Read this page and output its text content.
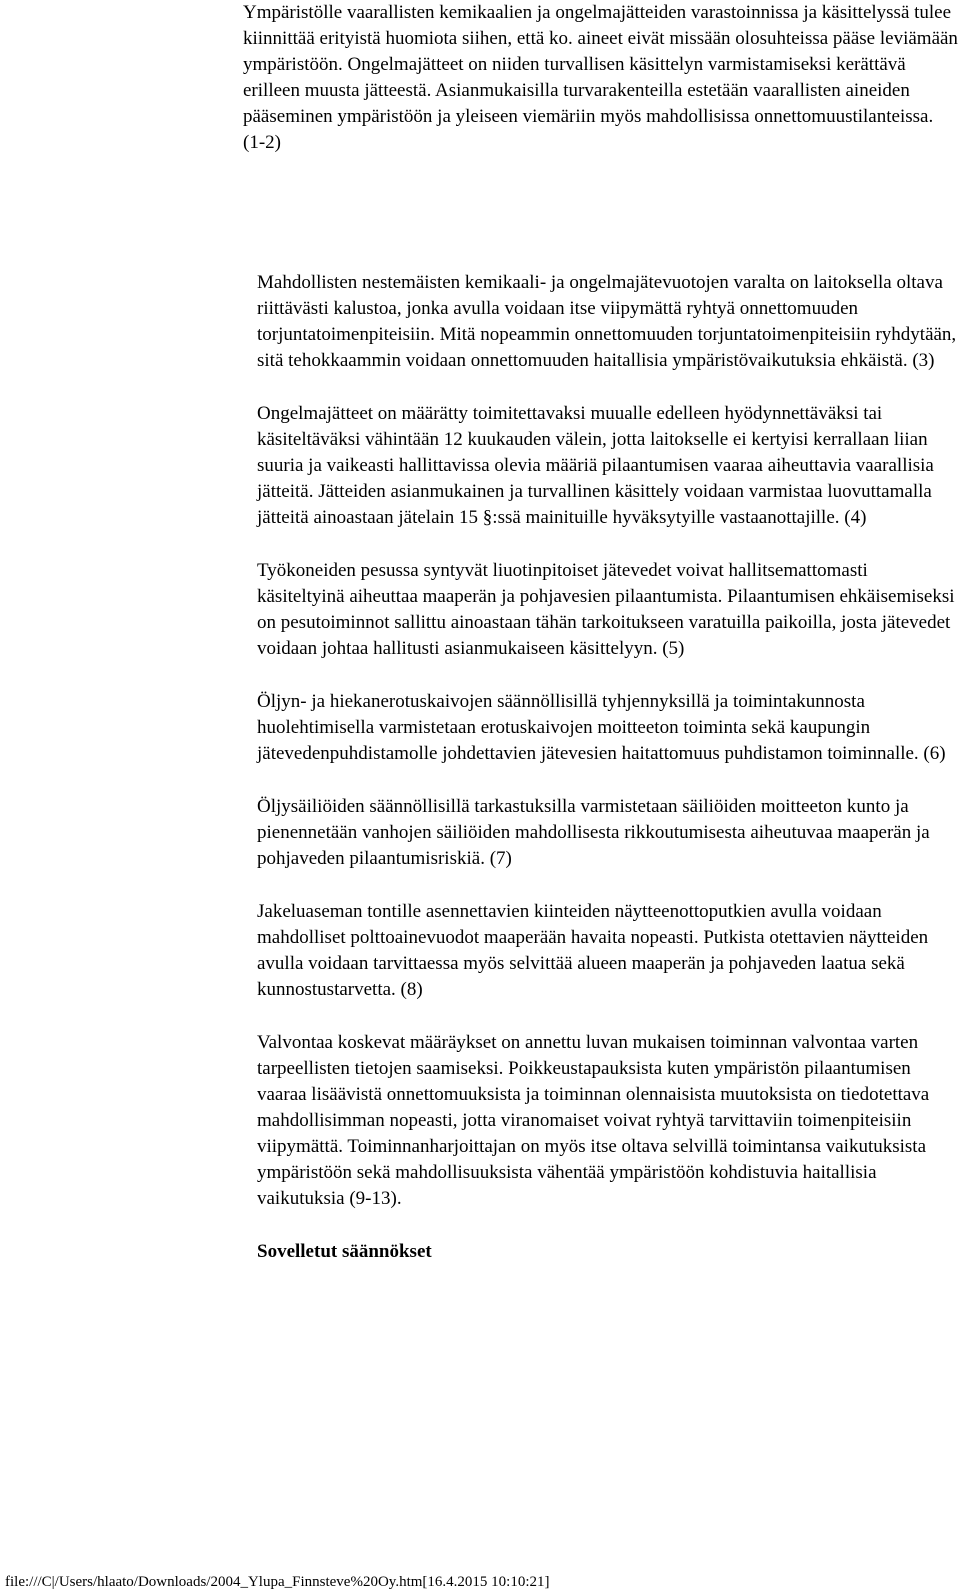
Ympäristölle vaarallisten kemikaalien ja ongelmajätteiden varastoinnissa ja käsittelyssä tulee kiinnittää erityistä huomiota siihen, että ko. aineet eivät missään olosuhteissa pääse leviämään ympäristöön. Ongelmajätteet on niiden turvallisen käsittelyn varmistamiseksi kerättävä erilleen muusta jätteestä. Asianmukaisilla turvarakenteilla estetään vaarallisten aineiden pääseminen ympäristöön ja yleiseen viemäriin myös mahdollisissa onnettomuustilanteissa. (1-2)

Mahdollisten nestemäisten kemikaali- ja ongelmajätevuotojen varalta on laitoksella oltava riittävästi kalustoa, jonka avulla voidaan itse viipymättä ryhtyä onnettomuuden torjuntatoimenpiteisiin. Mitä nopeammin onnettomuuden torjuntatoimenpiteisiin ryhdytään, sitä tehokkaammin voidaan onnettomuuden haitallisia ympäristövaikutuksia ehkäistä. (3)

Ongelmajätteet on määrätty toimitettavaksi muualle edelleen hyödynnettäväksi tai käsiteltäväksi vähintään 12 kuukauden välein, jotta laitokselle ei kertyisi kerrallaan liian suuria ja vaikeasti hallittavissa olevia määriä pilaantumisen vaaraa aiheuttavia vaarallisia jätteitä. Jätteiden asianmukainen ja turvallinen käsittely voidaan varmistaa luovuttamalla jätteitä ainoastaan jätelain 15 §:ssä mainituille hyväksytyille vastaanottajille. (4)

Työkoneiden pesussa syntyvät liuotinpitoiset jätevedet voivat hallitsemattomasti käsiteltyinä aiheuttaa maaperän ja pohjavesien pilaantumista. Pilaantumisen ehkäisemiseksi on pesutoiminnot sallittu ainoastaan tähän tarkoitukseen varatuilla paikoilla, josta jätevedet voidaan johtaa hallitusti asianmukaiseen käsittelyyn. (5)

Öljyn- ja hiekanerotuskaivojen säännöllisillä tyhjennyksillä ja toimintakunnosta huolehtimisella varmistetaan erotuskaivojen moitteeton toiminta sekä kaupungin jätevedenpuhdistamolle johdettavien jätevesien haitattomuus puhdistamon toiminnalle. (6)

Öljysäiliöiden säännöllisillä tarkastuksilla varmistetaan säiliöiden moitteeton kunto ja pienennetään vanhojen säiliöiden mahdollisesta rikkoutumisesta aiheutuvaa maaperän ja pohjaveden pilaantumisriskiä. (7)

Jakeluaseman tontille asennettavien kiinteiden näytteenottoputkien avulla voidaan mahdolliset polttoainevuodot maaperään havaita nopeasti. Putkista otettavien näytteiden avulla voidaan tarvittaessa myös selvittää alueen maaperän ja pohjaveden laatua sekä kunnostustarvetta. (8)

Valvontaa koskevat määräykset on annettu luvan mukaisen toiminnan valvontaa varten tarpeellisten tietojen saamiseksi. Poikkeustapauksista kuten ympäristön pilaantumisen vaaraa lisäävistä onnettomuuksista ja toiminnan olennaisista muutoksista on tiedotettava mahdollisimman nopeasti, jotta viranomaiset voivat ryhtyä tarvittaviin toimenpiteisiin viipymättä. Toiminnanharjoittajan on myös itse oltava selvillä toimintansa vaikutuksista ympäristöön sekä mahdollisuuksista vähentää ympäristöön kohdistuvia haitallisia vaikutuksia (9-13).

Sovelletut säännökset

file:///C|/Users/hlaato/Downloads/2004_Ylupa_Finnsteve%20Oy.htm[16.4.2015 10:10:21]
